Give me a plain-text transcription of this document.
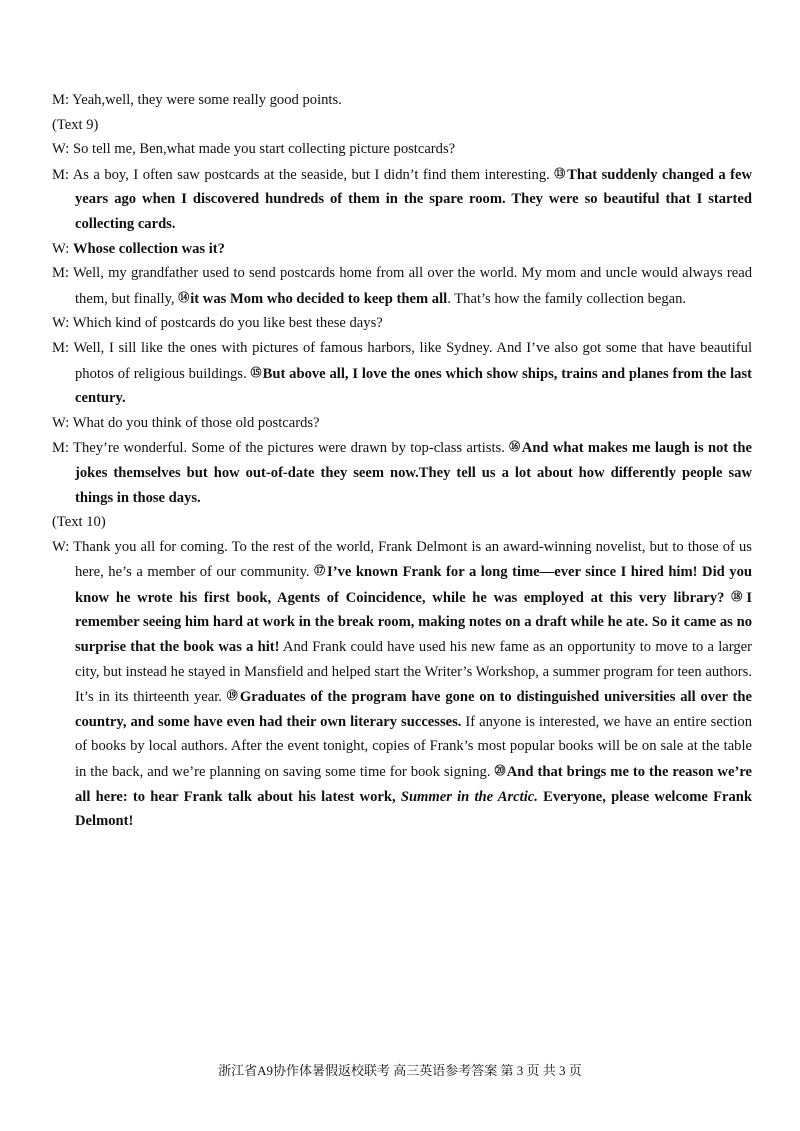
M: Yeah,well, they were some really good points.
(Text 9)
W: So tell me, Ben,what made you start collecting picture postcards?
M: As a boy, I often saw postcards at the seaside, but I didn’t find them interesting. ⑬That suddenly changed a few years ago when I discovered hundreds of them in the spare room. They were so beautiful that I started collecting cards.
W: Whose collection was it?
M: Well, my grandfather used to send postcards home from all over the world. My mom and uncle would always read them, but finally, ⑭it was Mom who decided to keep them all. That’s how the family collection began.
W: Which kind of postcards do you like best these days?
M: Well, I sill like the ones with pictures of famous harbors, like Sydney. And I’ve also got some that have beautiful photos of religious buildings. ⑮But above all, I love the ones which show ships, trains and planes from the last century.
W: What do you think of those old postcards?
M: They’re wonderful. Some of the pictures were drawn by top-class artists. ⑯And what makes me laugh is not the jokes themselves but how out-of-date they seem now.They tell us a lot about how differently people saw things in those days.
(Text 10)
W: Thank you all for coming. To the rest of the world, Frank Delmont is an award-winning novelist, but to those of us here, he’s a member of our community. ⑰I’ve known Frank for a long time—ever since I hired him! Did you know he wrote his first book, Agents of Coincidence, while he was employed at this very library? ⑱I remember seeing him hard at work in the break room, making notes on a draft while he ate. So it came as no surprise that the book was a hit! And Frank could have used his new fame as an opportunity to move to a larger city, but instead he stayed in Mansfield and helped start the Writer’s Workshop, a summer program for teen authors. It’s in its thirteenth year. ⑲Graduates of the program have gone on to distinguished universities all over the country, and some have even had their own literary successes. If anyone is interested, we have an entire section of books by local authors. After the event tonight, copies of Frank’s most popular books will be on sale at the table in the back, and we’re planning on saving some time for book signing. ⑳And that brings me to the reason we’re all here: to hear Frank talk about his latest work, Summer in the Arctic. Everyone, please welcome Frank Delmont!
浙江省A9协作体暑假返校联考 高三英语参考答案 第 3 页 共 3 页
